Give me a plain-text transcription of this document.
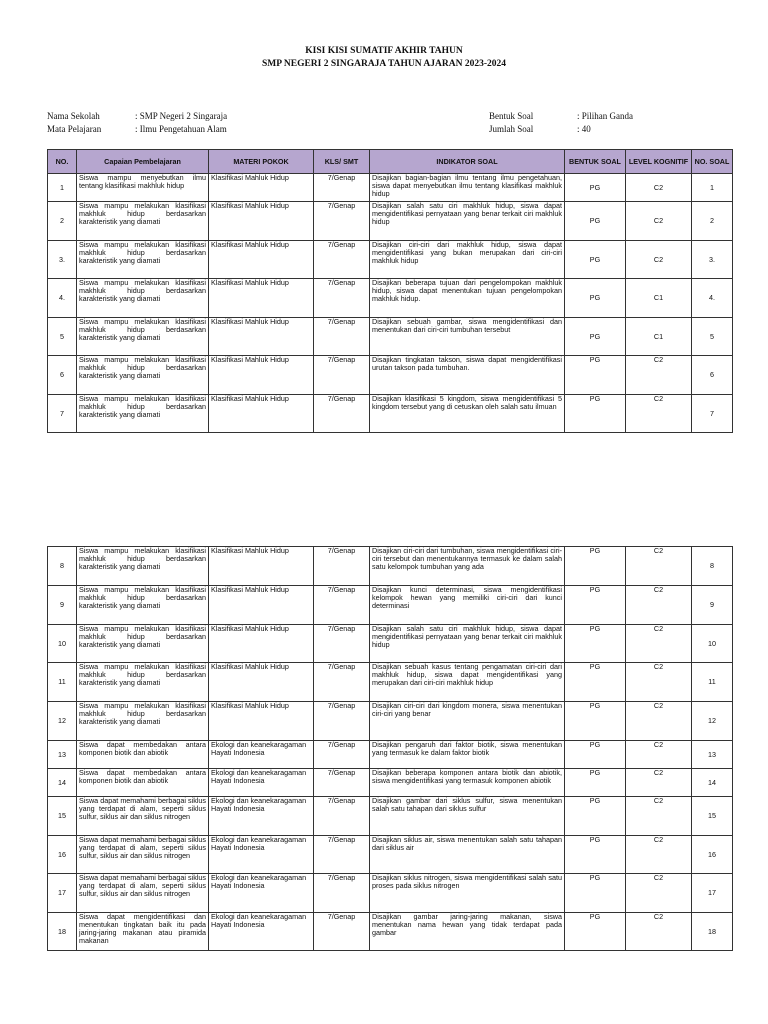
KISI KISI SUMATIF AKHIR TAHUN
SMP NEGERI 2 SINGARAJA TAHUN AJARAN 2023-2024
Nama Sekolah	: SMP Negeri 2 Singaraja
Mata Pelajaran	: Ilmu Pengetahuan Alam
Bentuk Soal	: Pilihan Ganda
Jumlah Soal	: 40
NO.	Capaian Pembelajaran	MATERI POKOK	KLS/ SMT	INDIKATOR SOAL	BENTUK SOAL	LEVEL KOGNITIF	NO. SOAL
1	Siswa mampu menyebutkan ilmu tentang klasifikasi makhluk hidup	Klasifikasi Mahluk Hidup	7/Genap	Disajikan bagian-bagian ilmu tentang ilmu pengetahuan, siswa dapat menyebutkan ilmu tentang klasifikasi makhluk hidup	PG	C2	1
2	Siswa mampu melakukan klasifikasi makhluk hidup berdasarkan karakteristik yang diamati	Klasifikasi Mahluk Hidup	7/Genap	Disajikan salah satu ciri makhluk hidup, siswa dapat mengidentifikasi pernyataan yang benar terkait ciri makhluk hidup	PG	C2	2
3.	Siswa mampu melakukan klasifikasi makhluk hidup berdasarkan karakteristik yang diamati	Klasifikasi Mahluk Hidup	7/Genap	Disajikan ciri-ciri dari makhluk hidup, siswa dapat mengidentifikasi yang bukan merupakan dari ciri-ciri makhluk hidup	PG	C2	3.
4.	Siswa mampu melakukan klasifikasi makhluk hidup berdasarkan karakteristik yang diamati	Klasifikasi Mahluk Hidup	7/Genap	Disajikan beberapa tujuan dari pengelompokan makhluk hidup, siswa dapat menentukan tujuan pengelompokan makhluk hidup.	PG	C1	4.
5	Siswa mampu melakukan klasifikasi makhluk hidup berdasarkan karakteristik yang diamati	Klasifikasi Mahluk Hidup	7/Genap	Disajikan sebuah gambar, siswa mengidentifikasi dan menentukan dari ciri-ciri tumbuhan tersebut	PG	C1	5
6	Siswa mampu melakukan klasifikasi makhluk hidup berdasarkan karakteristik yang diamati	Klasifikasi Mahluk Hidup	7/Genap	Disajikan tingkatan takson, siswa dapat mengidentifikasi urutan takson pada tumbuhan.	PG	C2	6
7	Siswa mampu melakukan klasifikasi makhluk hidup berdasarkan karakteristik yang diamati	Klasifikasi Mahluk Hidup	7/Genap	Disajikan klasifikasi 5 kingdom, siswa mengidentifikasi 5 kingdom tersebut yang di cetuskan oleh salah satu ilmuan	PG	C2	7
8	Siswa mampu melakukan klasifikasi makhluk hidup berdasarkan karakteristik yang diamati	Klasifikasi Mahluk Hidup	7/Genap	Disajikan ciri-ciri dari tumbuhan, siswa mengidentifikasi ciri-ciri tersebut dan menentukannya termasuk ke dalam salah satu kelompok tumbuhan yang ada	PG	C2	8
9	Siswa mampu melakukan klasifikasi makhluk hidup berdasarkan karakteristik yang diamati	Klasifikasi Mahluk Hidup	7/Genap	Disajikan kunci determinasi, siswa mengidentifikasi kelompok hewan yang memiliki ciri-ciri dari kunci determinasi	PG	C2	9
10	Siswa mampu melakukan klasifikasi makhluk hidup berdasarkan karakteristik yang diamati	Klasifikasi Mahluk Hidup	7/Genap	Disajikan salah satu ciri makhluk hidup, siswa dapat mengidentifikasi pernyataan yang benar terkait ciri makhluk hidup	PG	C2	10
11	Siswa mampu melakukan klasifikasi makhluk hidup berdasarkan karakteristik yang diamati	Klasifikasi Mahluk Hidup	7/Genap	Disajikan sebuah kasus tentang pengamatan ciri-ciri dari makhluk hidup, siswa dapat mengidentifikasi yang merupakan dari ciri-ciri makhluk hidup	PG	C2	11
12	Siswa mampu melakukan klasifikasi makhluk hidup berdasarkan karakteristik yang diamati	Klasifikasi Mahluk Hidup	7/Genap	Disajikan ciri-ciri dari kingdom monera, siswa menentukan ciri-ciri yang benar	PG	C2	12
13	Siswa dapat membedakan antara komponen biotik dan abiotik	Ekologi dan keanekaragaman Hayati Indonesia	7/Genap	Disajikan pengaruh dari faktor biotik, siswa menentukan yang termasuk ke dalam faktor biotik	PG	C2	13
14	Siswa dapat membedakan antara komponen biotik dan abiotik	Ekologi dan keanekaragaman Hayati Indonesia	7/Genap	Disajikan beberapa komponen antara biotik dan abiotik, siswa mengidentifikasi yang termasuk komponen abiotik	PG	C2	14
15	Siswa dapat memahami berbagai siklus yang terdapat di alam, seperti siklus sulfur, siklus air dan siklus nitrogen	Ekologi dan keanekaragaman Hayati Indonesia	7/Genap	Disajikan gambar dari siklus sulfur, siswa menentukan salah satu tahapan dari siklus sulfur	PG	C2	15
16	Siswa dapat memahami berbagai siklus yang terdapat di alam, seperti siklus sulfur, siklus air dan siklus nitrogen	Ekologi dan keanekaragaman Hayati Indonesia	7/Genap	Disajikan siklus air, siswa menentukan salah satu tahapan dari siklus air	PG	C2	16
17	Siswa dapat memahami berbagai siklus yang terdapat di alam, seperti siklus sulfur, siklus air dan siklus nitrogen	Ekologi dan keanekaragaman Hayati Indonesia	7/Genap	Disajikan siklus nitrogen, siswa mengidentifikasi salah satu proses pada siklus nitrogen	PG	C2	17
18	Siswa dapat mengidentifikasi dan menentukan tingkatan baik itu pada jaring-jaring makanan atau piramida makanan	Ekologi dan keanekaragaman Hayati Indonesia	7/Genap	Disajikan gambar jaring-jaring makanan, siswa menentukan nama hewan yang tidak terdapat pada gambar	PG	C2	18
